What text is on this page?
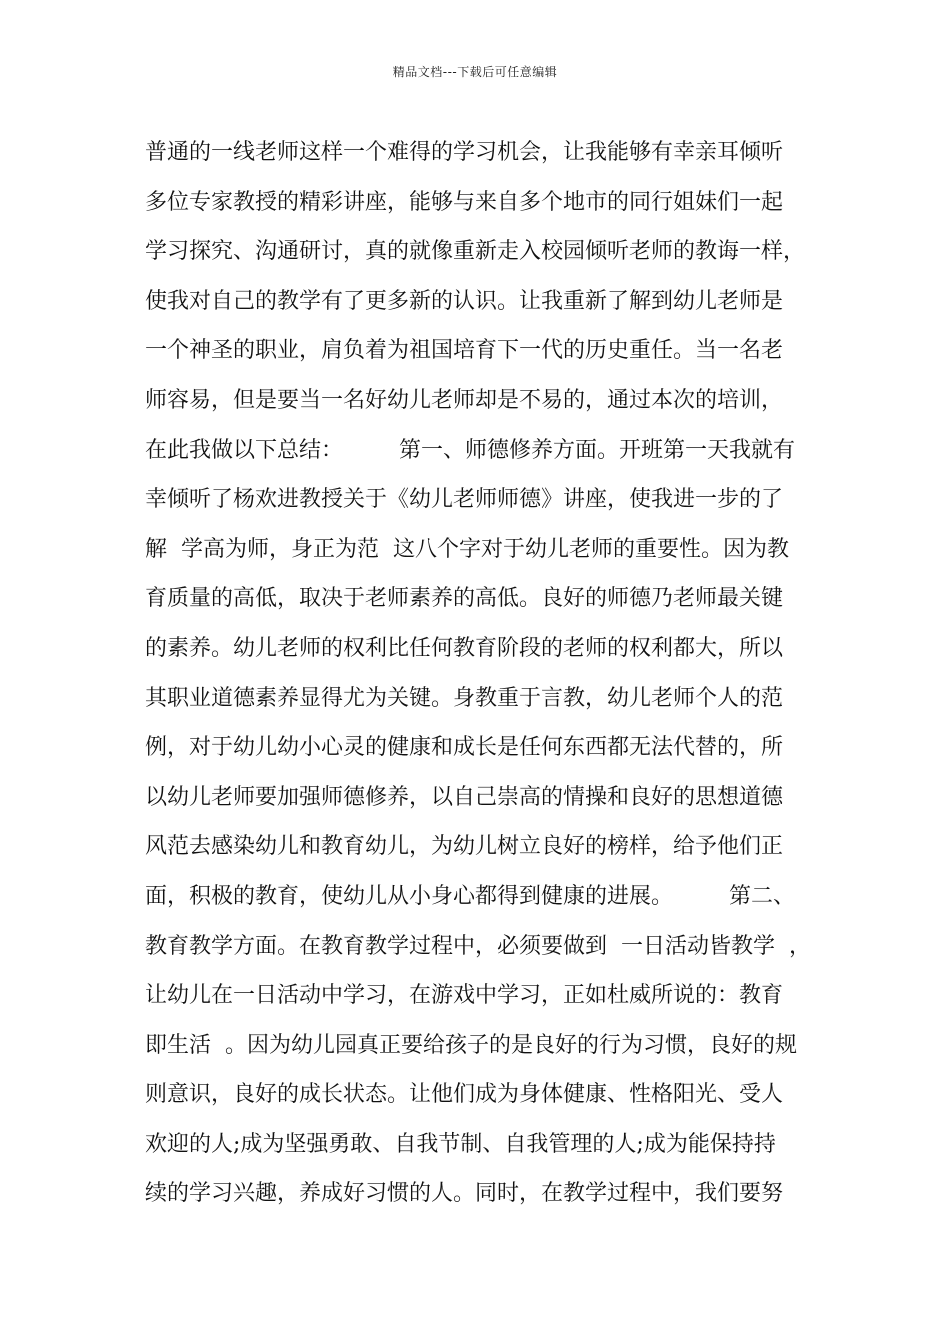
精品文档---下载后可任意编辑
普通的一线老师这样一个难得的学习机会，让我能够有幸亲耳倾听
多位专家教授的精彩讲座，能够与来自多个地市的同行姐妹们一起
学习探究、沟通研讨，真的就像重新走入校园倾听老师的教诲一样，
使我对自己的教学有了更多新的认识。让我重新了解到幼儿老师是
一个神圣的职业，肩负着为祖国培育下一代的历史重任。当一名老
师容易，但是要当一名好幼儿老师却是不易的，通过本次的培训，
在此我做以下总结：        第一、师德修养方面。开班第一天我就有
幸倾听了杨欢进教授关于《幼儿老师师德》讲座，使我进一步的了
解  学高为师，身正为范  这八个字对于幼儿老师的重要性。因为教
育质量的高低，取决于老师素养的高低。良好的师德乃老师最关键
的素养。幼儿老师的权利比任何教育阶段的老师的权利都大，所以
其职业道德素养显得尤为关键。身教重于言教，幼儿老师个人的范
例，对于幼儿幼小心灵的健康和成长是任何东西都无法代替的，所
以幼儿老师要加强师德修养，以自己崇高的情操和良好的思想道德
风范去感染幼儿和教育幼儿，为幼儿树立良好的榜样，给予他们正
面，积极的教育，使幼儿从小身心都得到健康的进展。        第二、
教育教学方面。在教育教学过程中，必须要做到  一日活动皆教学  ，
让幼儿在一日活动中学习，在游戏中学习，正如杜威所说的：教育
即生活  。因为幼儿园真正要给孩子的是良好的行为习惯，良好的规
则意识，良好的成长状态。让他们成为身体健康、性格阳光、受人
欢迎的人;成为坚强勇敢、自我节制、自我管理的人;成为能保持持
续的学习兴趣，养成好习惯的人。同时，在教学过程中，我们要努
